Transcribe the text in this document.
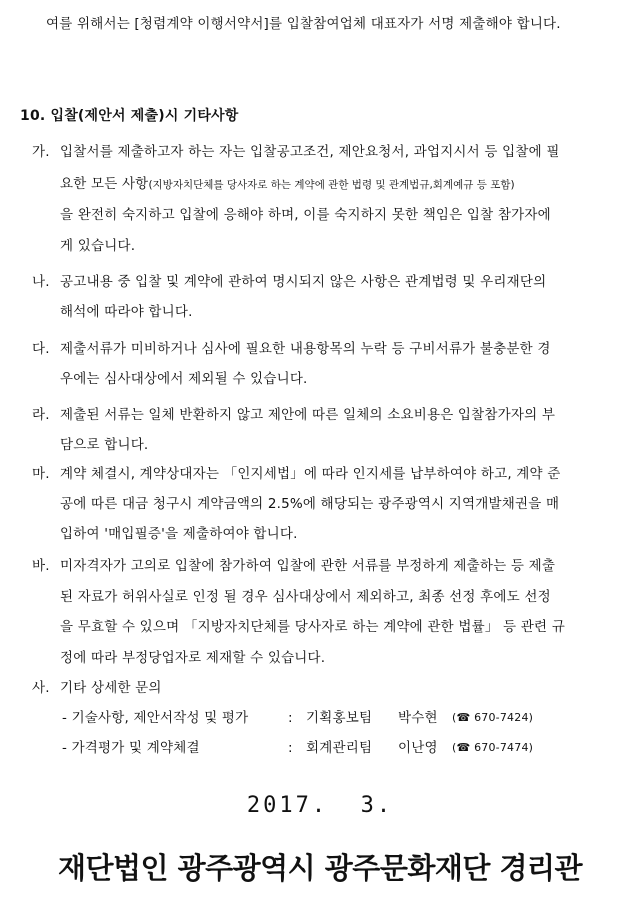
여를 위해서는 [청렴계약 이행서약서]를 입찰참여업체 대표자가 서명 제출해야 합니다.
10. 입찰(제안서 제출)시 기타사항
가. 입찰서를 제출하고자 하는 자는 입찰공고조건, 제안요청서, 과업지시서 등 입찰에 필
요한 모든 사항(지방자치단체를 당사자로 하는 계약에 관한 법령 및 관계법규,회계예규 등 포함)
을 완전히 숙지하고 입찰에 응해야 하며, 이를 숙지하지 못한 책임은 입찰 참가자에
게 있습니다.
나. 공고내용 중 입찰 및 계약에 관하여 명시되지 않은 사항은 관계법령 및 우리재단의
해석에 따라야 합니다.
다. 제출서류가 미비하거나 심사에 필요한 내용항목의 누락 등 구비서류가 불충분한 경
우에는 심사대상에서 제외될 수 있습니다.
라. 제출된 서류는 일체 반환하지 않고 제안에 따른 일체의 소요비용은 입찰참가자의 부
담으로 합니다.
마. 계약 체결시, 계약상대자는 「인지세법」에 따라 인지세를 납부하여야 하고, 계약 준
공에 따른 대금 청구시 계약금액의 2.5%에 해당되는 광주광역시 지역개발채권을 매
입하여 '매입필증'을 제출하여야 합니다.
바. 미자격자가 고의로 입찰에 참가하여 입찰에 관한 서류를 부정하게 제출하는 등 제출
된 자료가 허위사실로 인정 될 경우 심사대상에서 제외하고, 최종 선정 후에도 선정
을 무효할 수 있으며 「지방자치단체를 당사자로 하는 계약에 관한 법률」 등 관련 규
정에 따라 부정당업자로 제재할 수 있습니다.
사. 기타 상세한 문의
- 기술사항, 제안서작성 및 평가	: 기획홍보팀 박수현 (☎ 670-7424)
- 가격평가 및 계약체결	: 회계관리팀 이난영 (☎ 670-7474)
2017.  3.
재단법인 광주광역시 광주문화재단 경리관
